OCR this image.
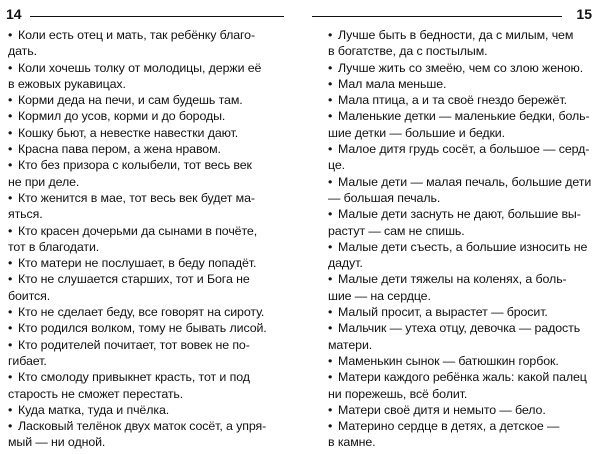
14
• Коли есть отец и мать, так ребёнку благо-
дать.
• Коли хочешь толку от молодицы, держи её
в ежовых рукавицах.
• Корми деда на печи, и сам будешь там.
• Кормил до усов, корми и до бороды.
• Кошку бьют, а невестке навестки дают.
• Красна пава пером, а жена нравом.
• Кто без призора с колыбели, тот весь век
не при деле.
• Кто женится в мае, тот весь век будет ма-
яться.
• Кто красен дочерьми да сынами в почёте,
тот в благодати.
• Кто матери не послушает, в беду попадёт.
• Кто не слушается старших, тот и Бога не
боится.
• Кто не сделает беду, все говорят на сироту.
• Кто родился волком, тому не бывать лисой.
• Кто родителей почитает, тот вовек не по-
гибает.
• Кто смолоду привыкнет красть, тот и под
старость не сможет перестать.
• Куда матка, туда и пчёлка.
• Ласковый телёнок двух маток сосёт, а упря-
мый — ни одной.
15
• Лучше быть в бедности, да с милым, чем
в богатстве, да с постылым.
• Лучше жить со змеёю, чем со злою женою.
• Мал мала меньше.
• Мала птица, а и та своё гнездо бережёт.
• Маленькие детки — маленькие бедки, боль-
шие детки — большие и бедки.
• Малое дитя грудь сосёт, а большое — серд-
це.
• Малые дети — малая печаль, большие дети
— большая печаль.
• Малые дети заснуть не дают, большие вы-
растут — сам не спишь.
• Малые дети съесть, а большие износить не
дадут.
• Малые дети тяжелы на коленях, а боль-
шие — на сердце.
• Малый просит, а вырастет — бросит.
• Мальчик — утеха отцу, девочка — радость
матери.
• Маменькин сынок — батюшкин горбок.
• Матери каждого ребёнка жаль: какой палец
ни порежешь, всё болит.
• Матери своё дитя и немыто — бело.
• Материно сердце в детях, а детское —
в камне.
